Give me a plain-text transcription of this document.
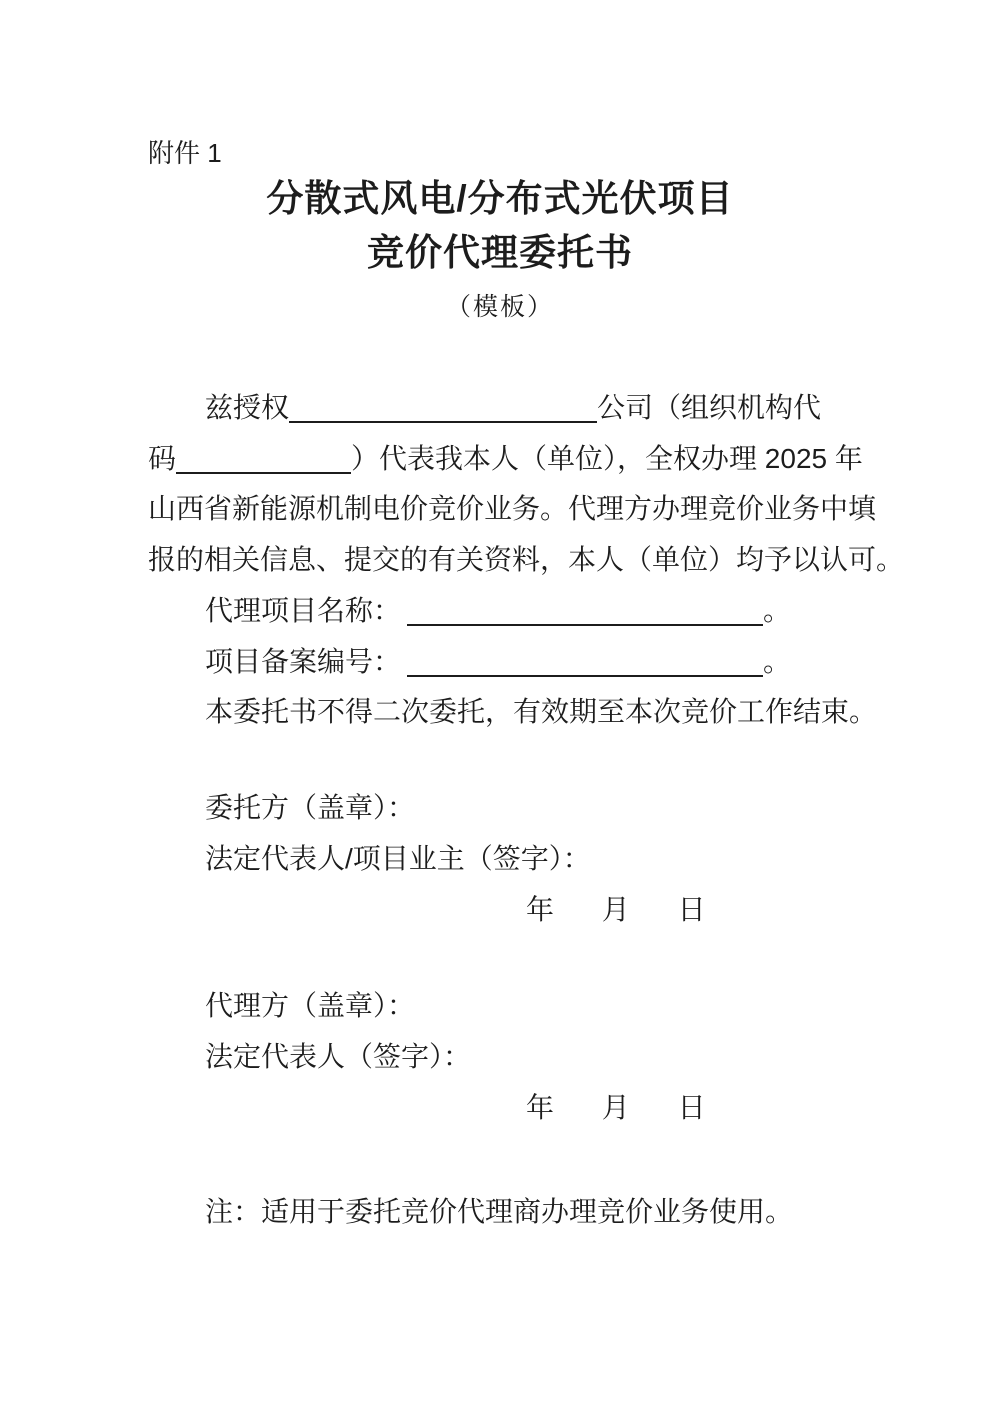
附件 1
分散式风电/分布式光伏项目
竞价代理委托书
（模板）
兹授权	公司（组织机构代
码	）代表我本人（单位），全权办理 2025 年
山西省新能源机制电价竞价业务。代理方办理竞价业务中填
报的相关信息、提交的有关资料，本人（单位）均予以认可。
代理项目名称：	。
项目备案编号：	。
本委托书不得二次委托，有效期至本次竞价工作结束。
委托方（盖章）：
法定代表人/项目业主（签字）：
年 月 日
代理方（盖章）：
法定代表人（签字）：
年 月 日
注：适用于委托竞价代理商办理竞价业务使用。
